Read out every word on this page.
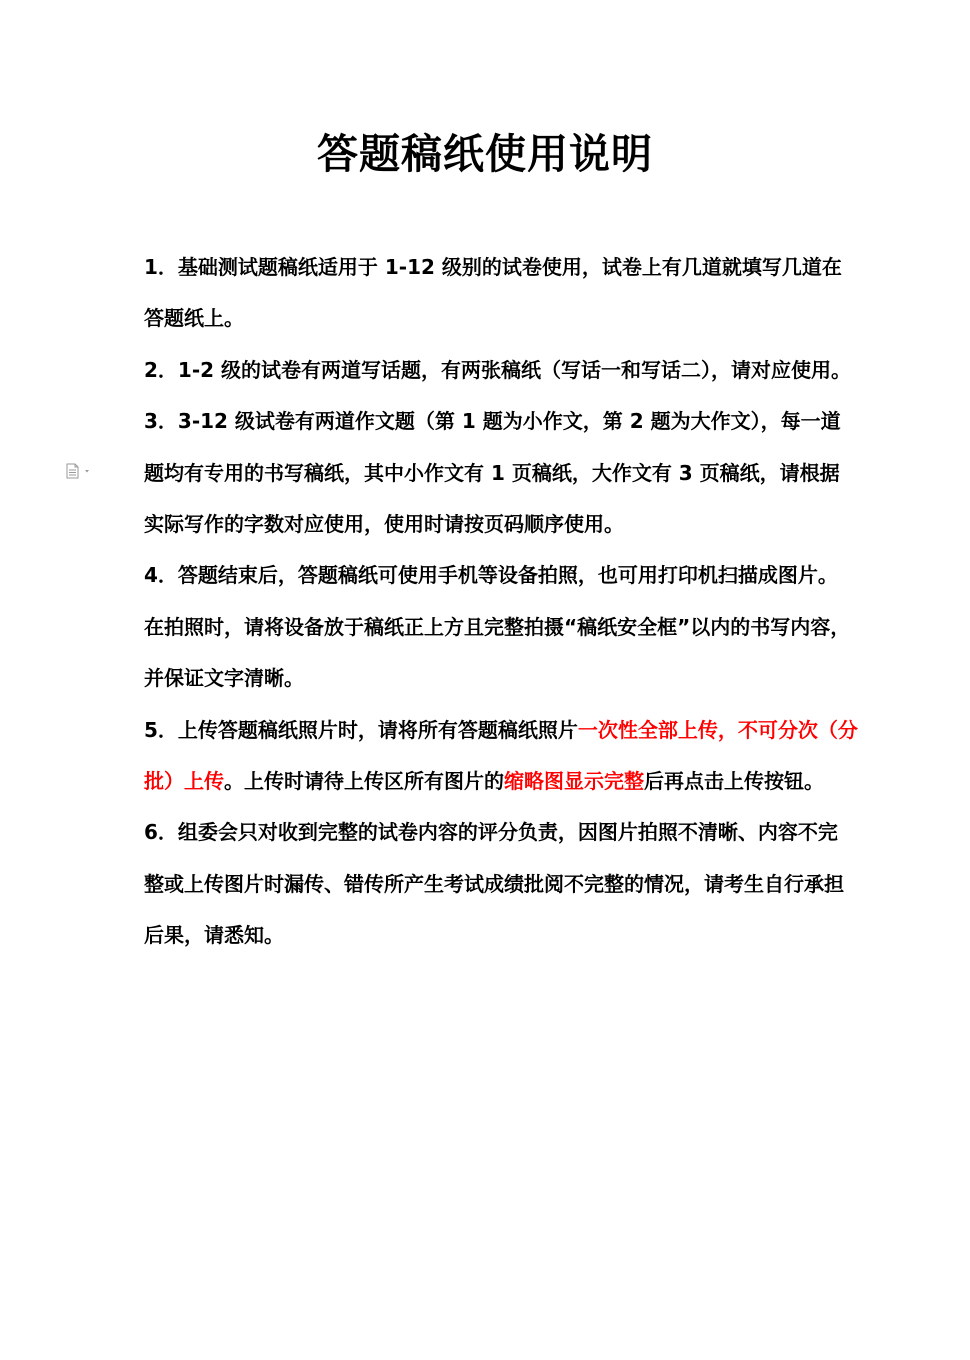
答题稿纸使用说明
1．基础测试题稿纸适用于 1-12 级别的试卷使用，试卷上有几道就填写几道在
答题纸上。
2．1-2 级的试卷有两道写话题，有两张稿纸（写话一和写话二），请对应使用。
3．3-12 级试卷有两道作文题（第 1 题为小作文，第 2 题为大作文），每一道
题均有专用的书写稿纸，其中小作文有 1 页稿纸，大作文有 3 页稿纸，请根据
实际写作的字数对应使用，使用时请按页码顺序使用。
4．答题结束后，答题稿纸可使用手机等设备拍照，也可用打印机扫描成图片。
在拍照时，请将设备放于稿纸正上方且完整拍摄“稿纸安全框”以内的书写内容，
并保证文字清晰。
5．上传答题稿纸照片时，请将所有答题稿纸照片一次性全部上传，不可分次（分
批）上传。上传时请待上传区所有图片的缩略图显示完整后再点击上传按钮。
6．组委会只对收到完整的试卷内容的评分负责，因图片拍照不清晰、内容不完
整或上传图片时漏传、错传所产生考试成绩批阅不完整的情况，请考生自行承担
后果，请悉知。
